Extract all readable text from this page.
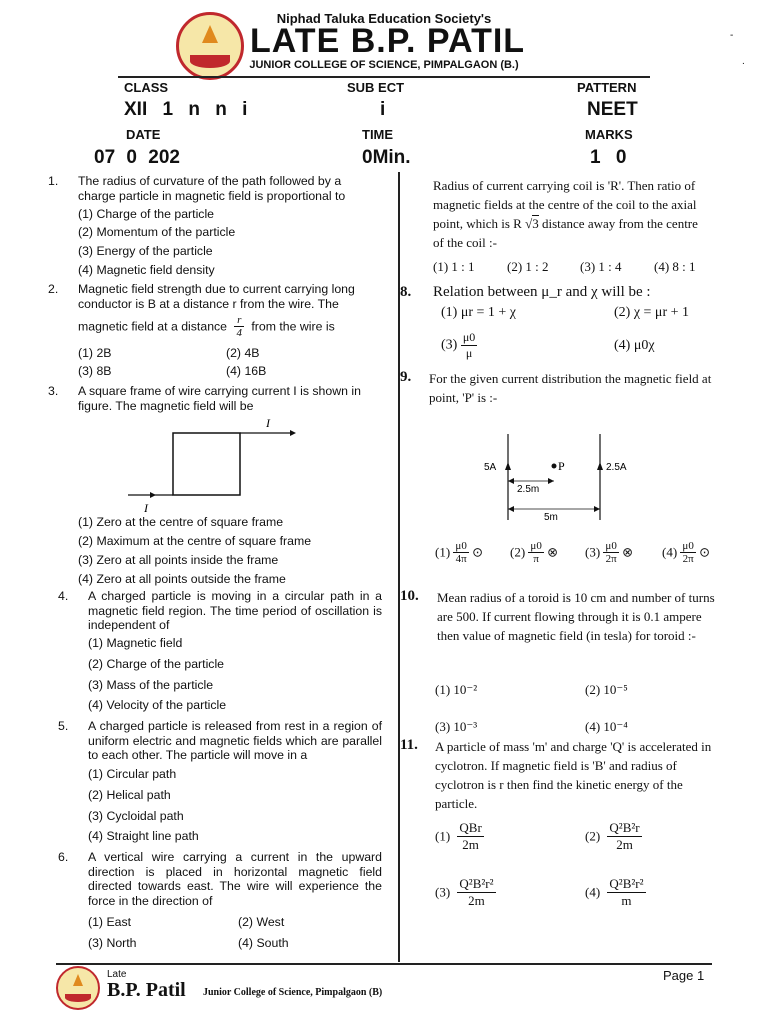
Niphad Taluka Education Society's
LATE B.P. PATIL
JUNIOR COLLEGE OF SCIENCE, PIMPALGAON (B.)
-
.
CLASS	SUB ECT	PATTERN
XII 1 n n i	i	NEET
DATE	TIME	MARKS
07 0 202	0Min.	1 0
1. The radius of curvature of the path followed by a charge particle in magnetic field is proportional to
(1) Charge of the particle
(2) Momentum of the particle
(3) Energy of the particle
(4) Magnetic field density
2. Magnetic field strength due to current carrying long conductor is B at a distance r from the wire. The
magnetic field at a distance $\frac{r}{4}$ from the wire is
(1) 2B	(2) 4B
(3) 8B	(4) 16B
3. A square frame of wire carrying current I is shown in figure. The magnetic field will be
I
I
(1) Zero at the centre of square frame
(2) Maximum at the centre of square frame
(3) Zero at all points inside the frame
(4) Zero at all points outside the frame
4. A charged particle is moving in a circular path in a magnetic field region. The time period of oscillation is independent of
(1) Magnetic field
(2) Charge of the particle
(3) Mass of the particle
(4) Velocity of the particle
5. A charged particle is released from rest in a region of uniform electric and magnetic fields which are parallel to each other. The particle will move in a
(1) Circular path
(2) Helical path
(3) Cycloidal path
(4) Straight line path
6. A vertical wire carrying a current in the upward direction is placed in horizontal magnetic field directed towards east. The wire will experience the force in the direction of
(1) East	(2) West
(3) North	(4) South
Radius of current carrying coil is 'R'. Then ratio of
magnetic fields at the centre of the coil to the axial
point, which is R √3 distance away from the centre
of the coil :-
(1) 1 : 1 (2) 1 : 2 (3) 1 : 4 (4) 8 : 1
8. Relation between μ_r and χ will be :
(1) μr = 1 + χ	(2) χ = μr + 1
$(3) \frac{\mu 0}{\mu}$	(4) μ0χ
9. For the given current distribution the magnetic field at point, 'P' is :-
5A	P	2.5A
2.5m
5m
$(1) \frac{\mu 0}{4\pi}$ ⊙ $(2) \frac{\mu 0}{\pi}$ ⊗ $(3) \frac{\mu 0}{2\pi}$ ⊗ $(4) \frac{\mu 0}{2\pi}$ ⊙
10. Mean radius of a toroid is 10 cm and number of turns are 500. If current flowing through it is 0.1 ampere then value of magnetic field (in tesla) for toroid :-
(1) 10⁻²	(2) 10⁻⁵
(3) 10⁻³	(4) 10⁻⁴
11. A particle of mass 'm' and charge 'Q' is accelerated in cyclotron. If magnetic field is 'B' and radius of cyclotron is r then find the kinetic energy of the particle.
$(1) \frac{\text{QBr}}{2m}$	$(2) \frac{\text{Q²B²r}}{2m}$
$(3) \frac{\text{Q²B²r²}}{2m}$	$(4) \frac{\text{Q²B²r²}}{m}$
Late
B.P. Patil Junior College of Science, Pimpalgaon (B)
Page 1
